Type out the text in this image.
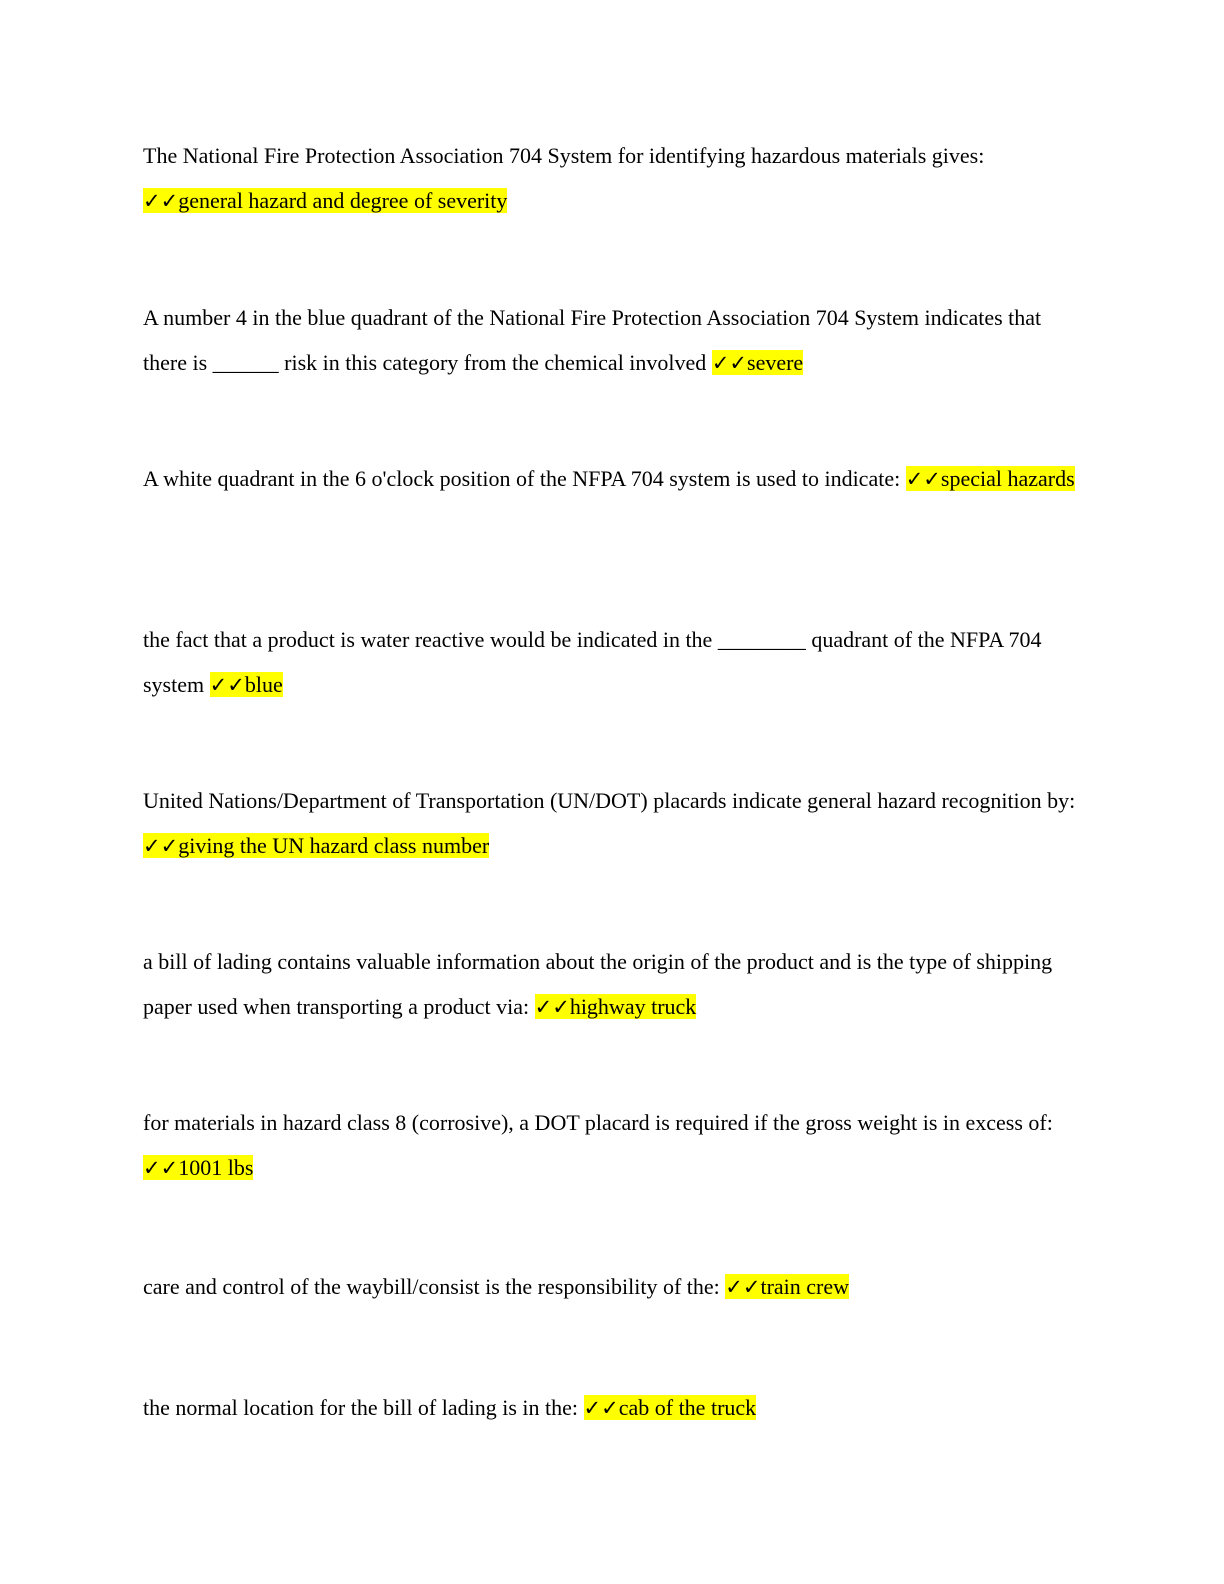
The National Fire Protection Association 704 System for identifying hazardous materials gives: ✓✓general hazard and degree of severity
A number 4 in the blue quadrant of the National Fire Protection Association 704 System indicates that there is ______ risk in this category from the chemical involved ✓✓severe
A white quadrant in the 6 o'clock position of the NFPA 704 system is used to indicate: ✓✓special hazards
the fact that a product is water reactive would be indicated in the ________ quadrant of the NFPA 704 system ✓✓blue
United Nations/Department of Transportation (UN/DOT) placards indicate general hazard recognition by: ✓✓giving the UN hazard class number
a bill of lading contains valuable information about the origin of the product and is the type of shipping paper used when transporting a product via: ✓✓highway truck
for materials in hazard class 8 (corrosive), a DOT placard is required if the gross weight is in excess of: ✓✓1001 lbs
care and control of the waybill/consist is the responsibility of the: ✓✓train crew
the normal location for the bill of lading is in the: ✓✓cab of the truck
